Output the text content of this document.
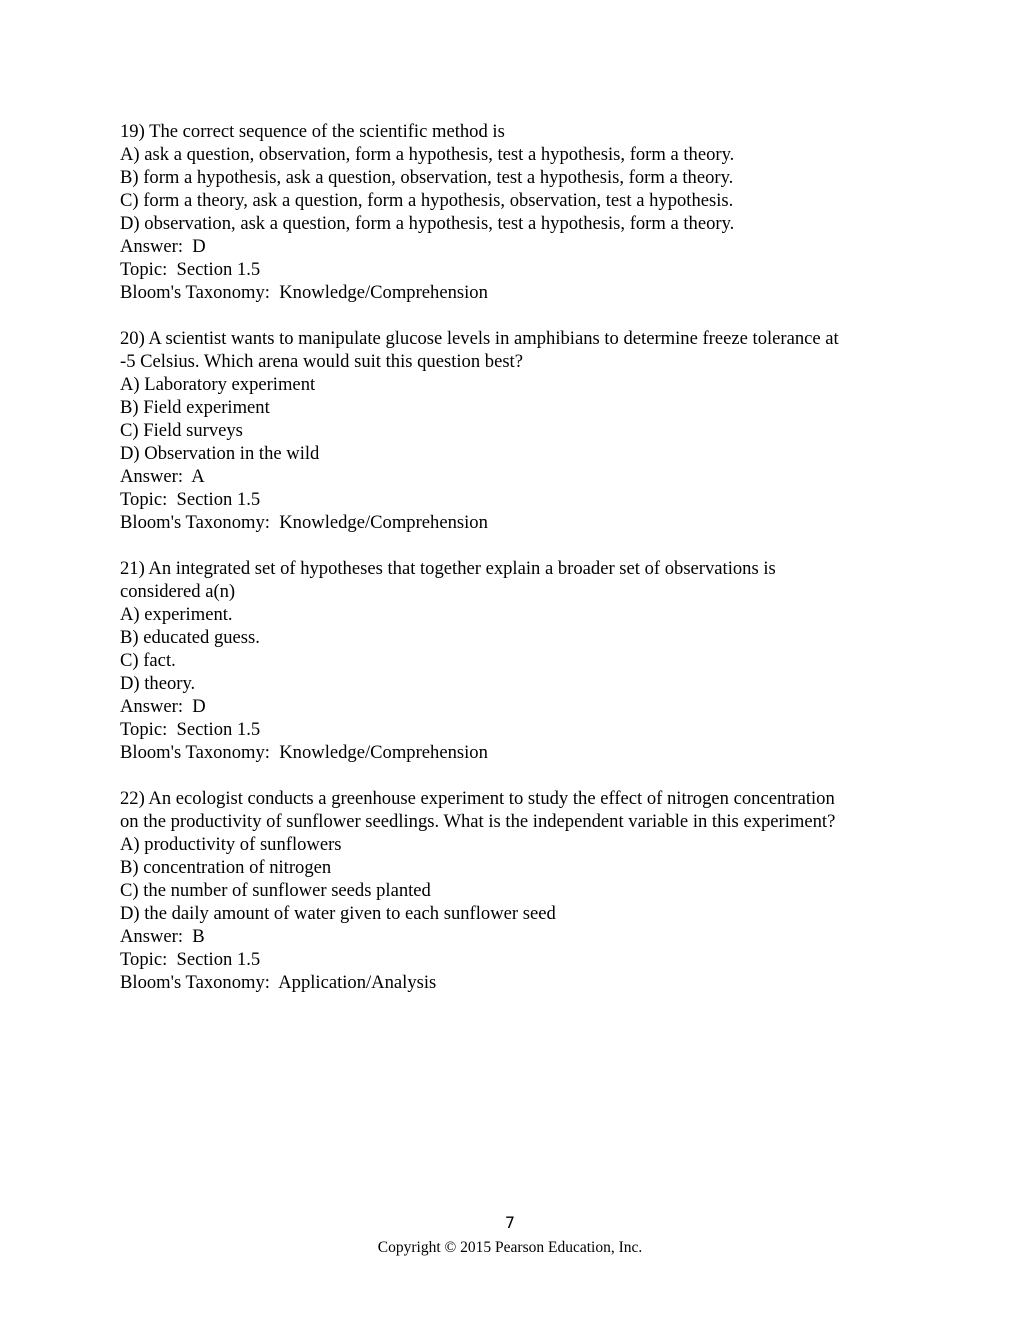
19) The correct sequence of the scientific method is
A) ask a question, observation, form a hypothesis, test a hypothesis, form a theory.
B) form a hypothesis, ask a question, observation, test a hypothesis, form a theory.
C) form a theory, ask a question, form a hypothesis, observation, test a hypothesis.
D) observation, ask a question, form a hypothesis, test a hypothesis, form a theory.
Answer:  D
Topic:  Section 1.5
Bloom's Taxonomy:  Knowledge/Comprehension
20) A scientist wants to manipulate glucose levels in amphibians to determine freeze tolerance at
-5 Celsius. Which arena would suit this question best?
A) Laboratory experiment
B) Field experiment
C) Field surveys
D) Observation in the wild
Answer:  A
Topic:  Section 1.5
Bloom's Taxonomy:  Knowledge/Comprehension
21) An integrated set of hypotheses that together explain a broader set of observations is
considered a(n)
A) experiment.
B) educated guess.
C) fact.
D) theory.
Answer:  D
Topic:  Section 1.5
Bloom's Taxonomy:  Knowledge/Comprehension
22) An ecologist conducts a greenhouse experiment to study the effect of nitrogen concentration
on the productivity of sunflower seedlings. What is the independent variable in this experiment?
A) productivity of sunflowers
B) concentration of nitrogen
C) the number of sunflower seeds planted
D) the daily amount of water given to each sunflower seed
Answer:  B
Topic:  Section 1.5
Bloom's Taxonomy:  Application/Analysis
7
Copyright © 2015 Pearson Education, Inc.
